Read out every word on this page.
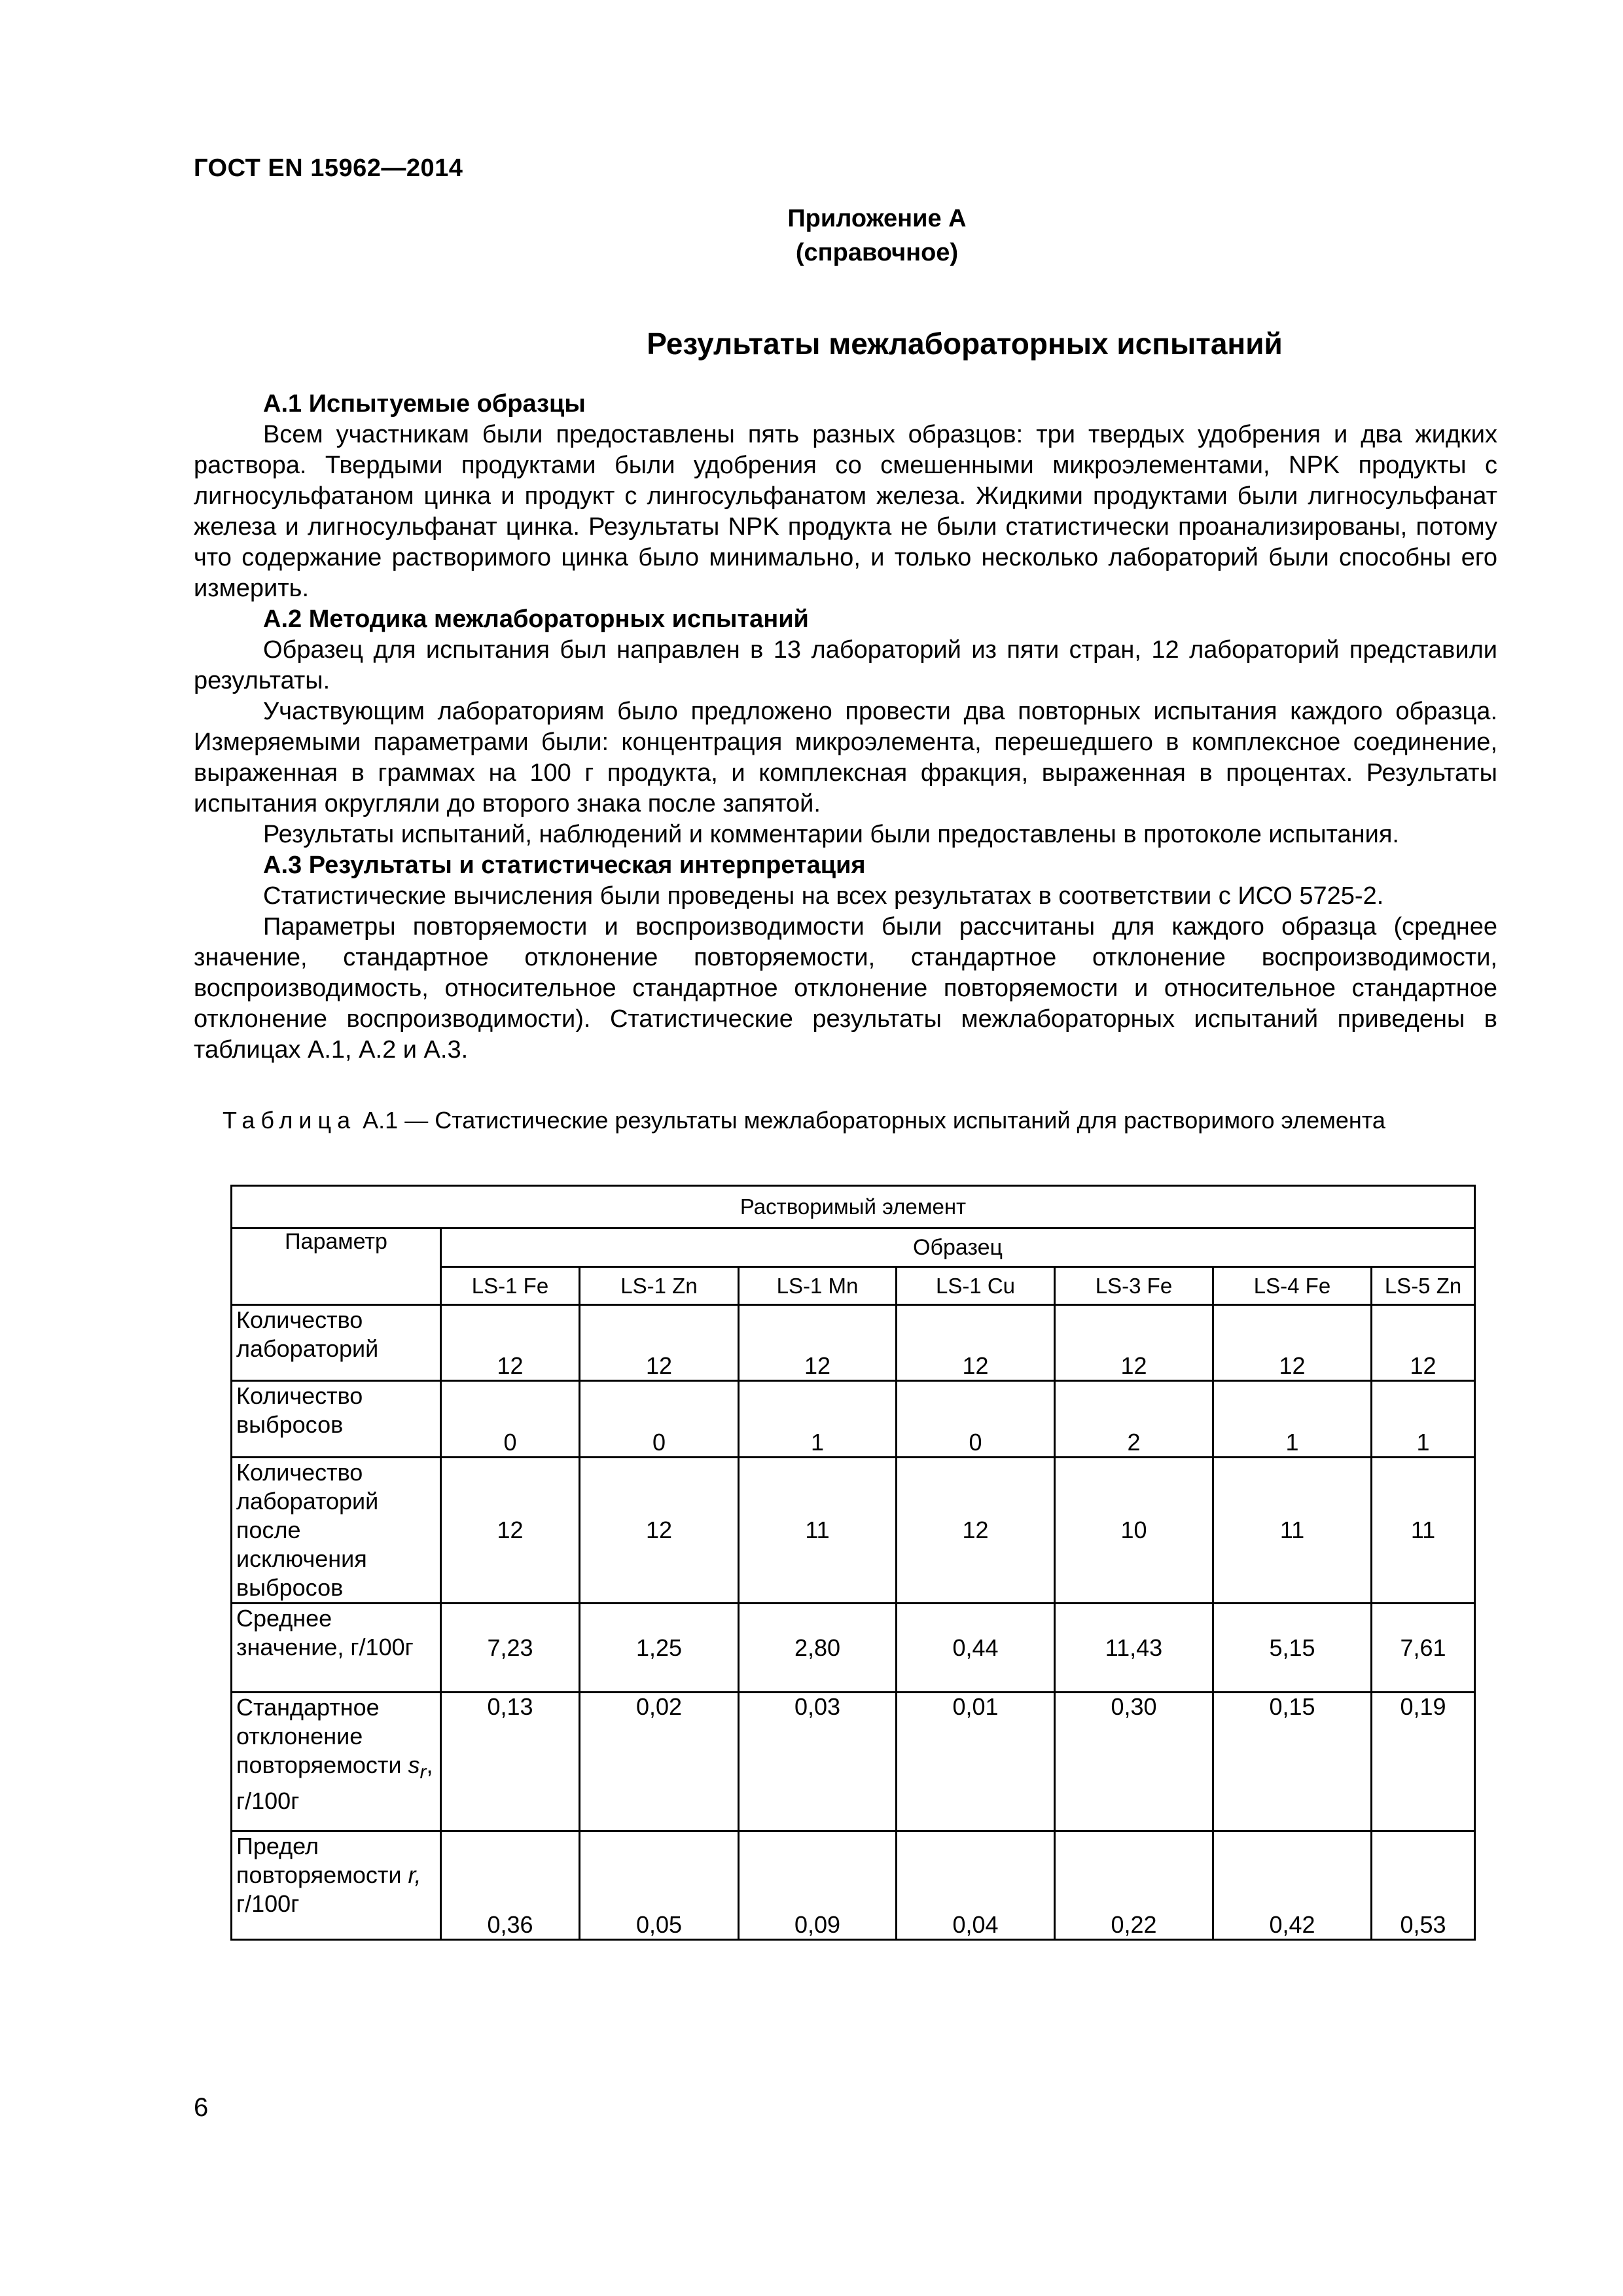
ГОСТ EN 15962—2014
Приложение А
(справочное)
Результаты межлабораторных испытаний
А.1 Испытуемые образцы

Всем участникам были предоставлены пять разных образцов: три твердых удобрения и два жидких раствора. Твердыми продуктами были удобрения со смешенными микроэлементами, NPK продукты с лигносульфатаном цинка и продукт с лингосульфанатом железа. Жидкими продуктами были лигносульфанат железа и лигносульфанат цинка. Результаты NPK продукта не были статистически проанализированы, потому что содержание растворимого цинка было минимально, и только несколько лабораторий были способны его измерить.

А.2 Методика межлабораторных испытаний

Образец для испытания был направлен в 13 лабораторий из пяти стран, 12 лабораторий представили результаты.

Участвующим лабораториям было предложено провести два повторных испытания каждого образца. Измеряемыми параметрами были: концентрация микроэлемента, перешедшего в комплексное соединение, выраженная в граммах на 100 г продукта, и комплексная фракция, выраженная в процентах. Результаты испытания округляли до второго знака после запятой.

Результаты испытаний, наблюдений и комментарии были предоставлены в протоколе испытания.

А.3 Результаты и статистическая интерпретация

Статистические вычисления были проведены на всех результатах в соответствии с ИСО 5725-2.

Параметры повторяемости и воспроизводимости были рассчитаны для каждого образца (среднее значение, стандартное отклонение повторяемости, стандартное отклонение воспроизводимости, воспроизводимость, относительное стандартное отклонение повторяемости и относительное стандартное отклонение воспроизводимости). Статистические результаты межлабораторных испытаний приведены в таблицах А.1, А.2 и А.3.

Таблица А.1 — Статистические результаты межлабораторных испытаний для растворимого элемента
Растворимый элемент							
Параметр	Образец						
	LS-1 Fe	LS-1 Zn	LS-1 Mn	LS-1 Cu	LS-3 Fe	LS-4 Fe	LS-5 Zn
Количество лабораторий	12	12	12	12	12	12	12
Количество выбросов	0	0	1	0	2	1	1
Количество лабораторий после исключения выбросов	12	12	11	12	10	11	11
Среднее значение, г/100г	7,23	1,25	2,80	0,44	11,43	5,15	7,61
Стандартное отклонение повторяемости $s_r$, г/100г	0,13	0,02	0,03	0,01	0,30	0,15	0,19
Предел повторяемости r, г/100г	0,36	0,05	0,09	0,04	0,22	0,42	0,53
6
